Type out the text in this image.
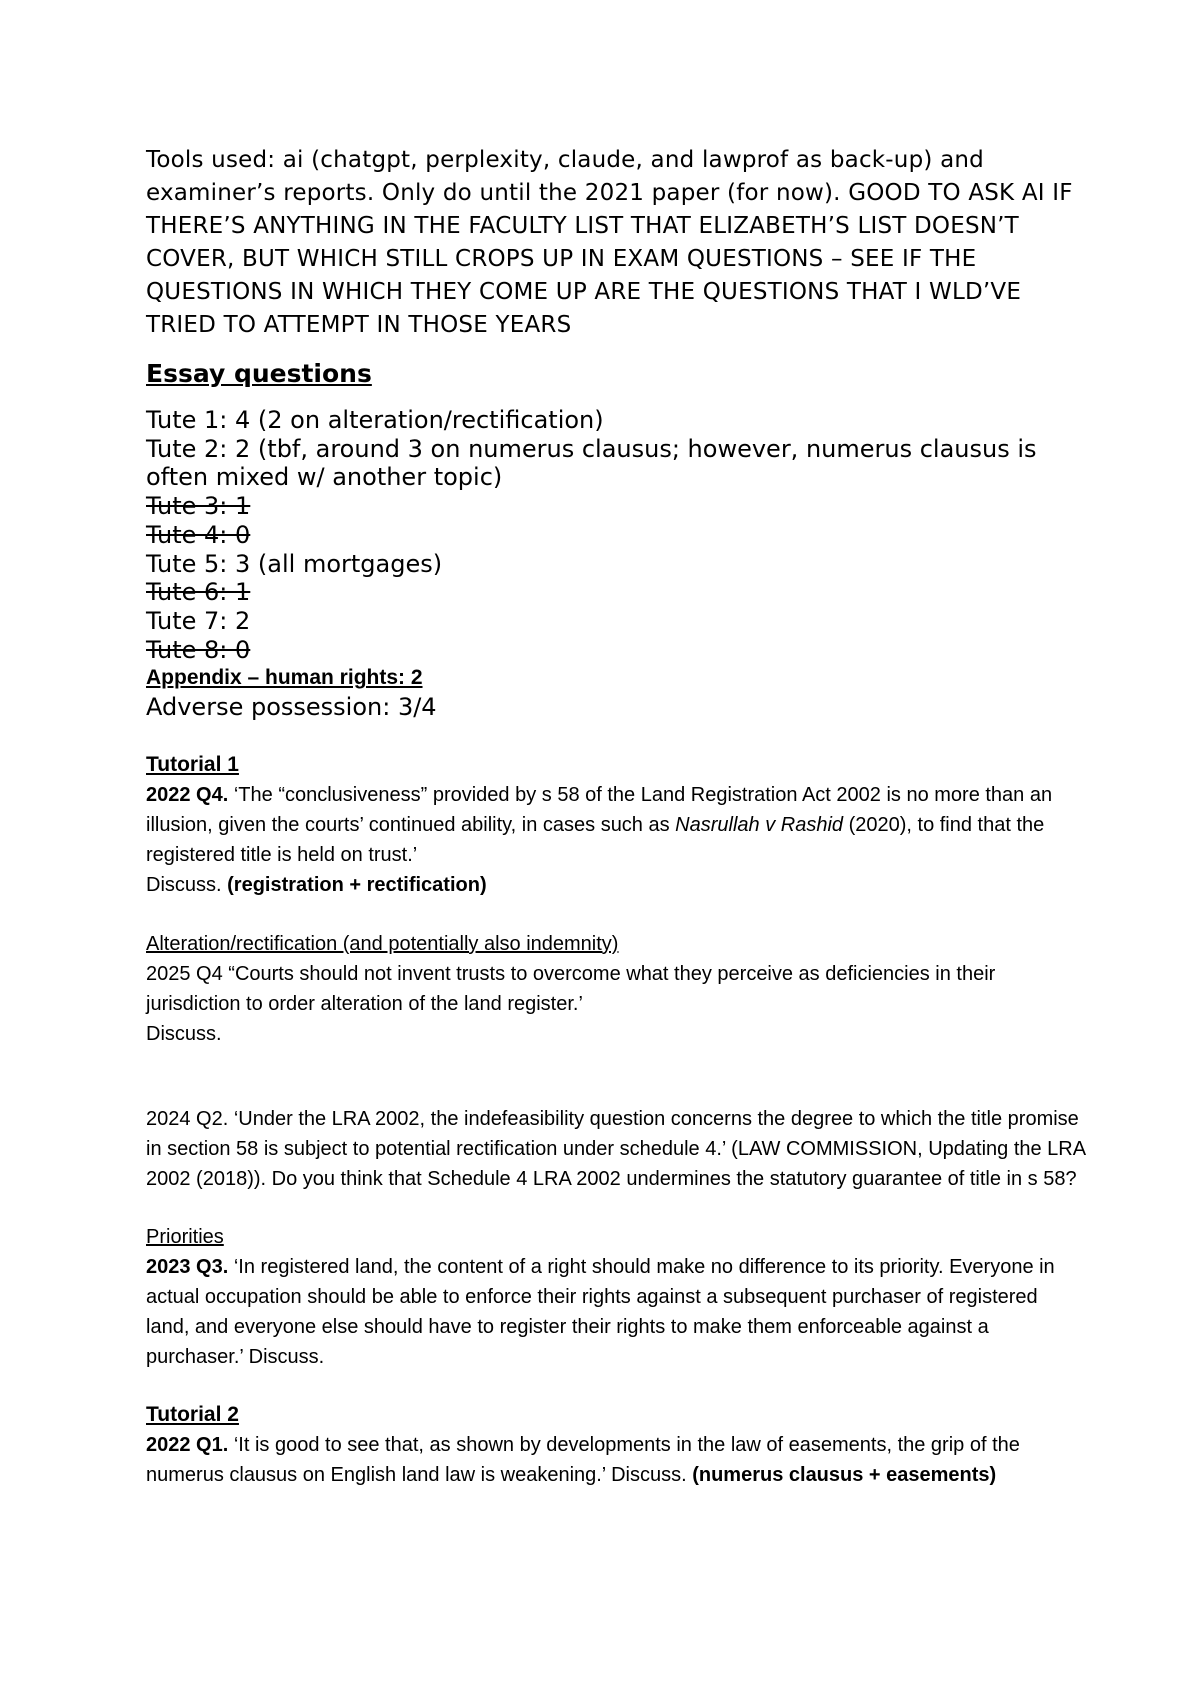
Tools used: ai (chatgpt, perplexity, claude, and lawprof as back-up) and examiner’s reports. Only do until the 2021 paper (for now). GOOD TO ASK AI IF THERE’S ANYTHING IN THE FACULTY LIST THAT ELIZABETH’S LIST DOESN’T COVER, BUT WHICH STILL CROPS UP IN EXAM QUESTIONS – SEE IF THE QUESTIONS IN WHICH THEY COME UP ARE THE QUESTIONS THAT I WLD’VE TRIED TO ATTEMPT IN THOSE YEARS
Essay questions
Tute 1: 4 (2 on alteration/rectification)
Tute 2: 2 (tbf, around 3 on numerus clausus; however, numerus clausus is often mixed w/ another topic)
Tute 3: 1
Tute 4: 0
Tute 5: 3 (all mortgages)
Tute 6: 1
Tute 7: 2
Tute 8: 0
Appendix – human rights: 2
Adverse possession: 3/4

Tutorial 1

2022 Q4. ‘The “conclusiveness” provided by s 58 of the Land Registration Act 2002 is no more than an illusion, given the courts’ continued ability, in cases such as Nasrullah v Rashid (2020), to find that the registered title is held on trust.’

Discuss. (registration + rectification)

Alteration/rectification (and potentially also indemnity)

2025 Q4 “Courts should not invent trusts to overcome what they perceive as deficiencies in their jurisdiction to order alteration of the land register.’

Discuss.

2024 Q2. ‘Under the LRA 2002, the indefeasibility question concerns the degree to which the title promise in section 58 is subject to potential rectification under schedule 4.’ (LAW COMMISSION, Updating the LRA 2002 (2018)). Do you think that Schedule 4 LRA 2002 undermines the statutory guarantee of title in s 58?

Priorities

2023 Q3. ‘In registered land, the content of a right should make no difference to its priority. Everyone in actual occupation should be able to enforce their rights against a subsequent purchaser of registered land, and everyone else should have to register their rights to make them enforceable against a purchaser.’ Discuss.

Tutorial 2

2022 Q1. ‘It is good to see that, as shown by developments in the law of easements, the grip of the numerus clausus on English land law is weakening.’ Discuss. (numerus clausus + easements)
